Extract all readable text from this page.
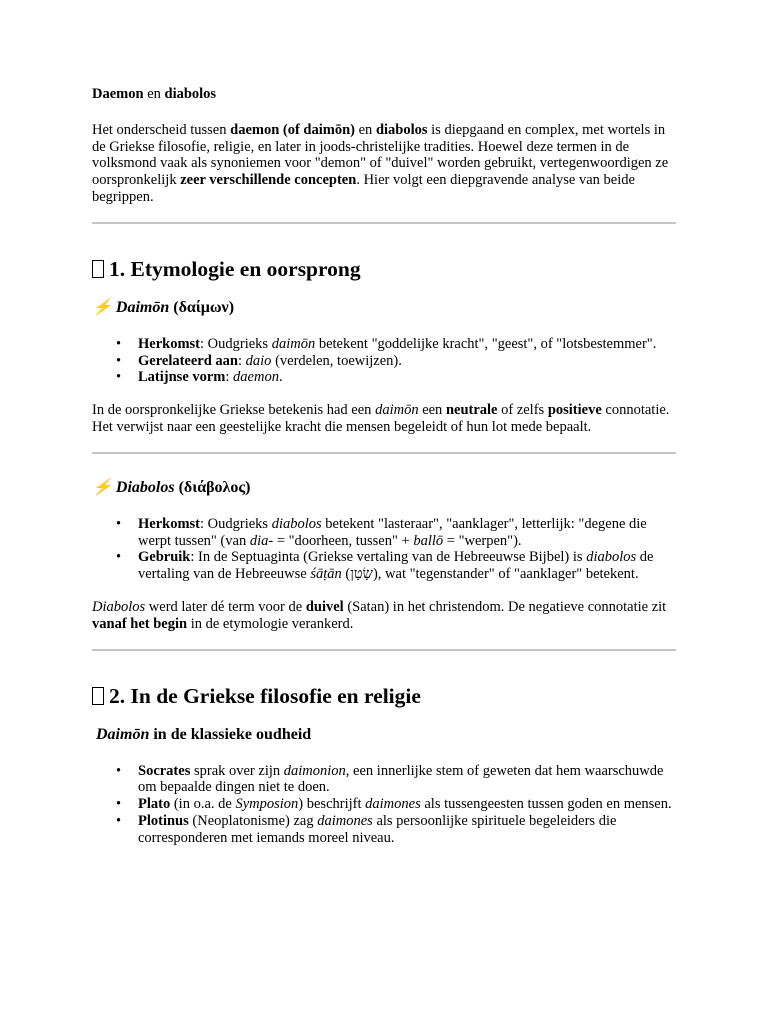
Daemon en diabolos

Het onderscheid tussen daemon (of daimōn) en diabolos is diepgaand en complex, met wortels in de Griekse filosofie, religie, en later in joods-christelijke tradities. Hoewel deze termen in de volksmond vaak als synoniemen voor "demon" of "duivel" worden gebruikt, vertegenwoordigen ze oorspronkelijk zeer verschillende concepten. Hier volgt een diepgravende analyse van beide begrippen.

1. Etymologie en oorsprong
⚡ Daimōn (δαίμων)
• Herkomst: Oudgrieks daimōn betekent "goddelijke kracht", "geest", of "lotsbestemmer".
• Gerelateerd aan: daio (verdelen, toewijzen).
• Latijnse vorm: daemon.

In de oorspronkelijke Griekse betekenis had een daimōn een neutrale of zelfs positieve connotatie. Het verwijst naar een geestelijke kracht die mensen begeleidt of hun lot mede bepaalt.

⚡ Diabolos (διάβολος)
• Herkomst: Oudgrieks diabolos betekent "lasteraar", "aanklager", letterlijk: "degene die werpt tussen" (van dia- = "doorheen, tussen" + ballō = "werpen").
• Gebruik: In de Septuaginta (Griekse vertaling van de Hebreeuwse Bijbel) is diabolos de vertaling van de Hebreeuwse śāṭān (שָׂטָן), wat "tegenstander" of "aanklager" betekent.

Diabolos werd later dé term voor de duivel (Satan) in het christendom. De negatieve connotatie zit vanaf het begin in de etymologie verankerd.

2. In de Griekse filosofie en religie
Daimōn in de klassieke oudheid
• Socrates sprak over zijn daimonion, een innerlijke stem of geweten dat hem waarschuwde om bepaalde dingen niet te doen.
• Plato (in o.a. de Symposion) beschrijft daimones als tussengeesten tussen goden en mensen.
• Plotinus (Neoplatonisme) zag daimones als persoonlijke spirituele begeleiders die corresponderen met iemands moreel niveau.
